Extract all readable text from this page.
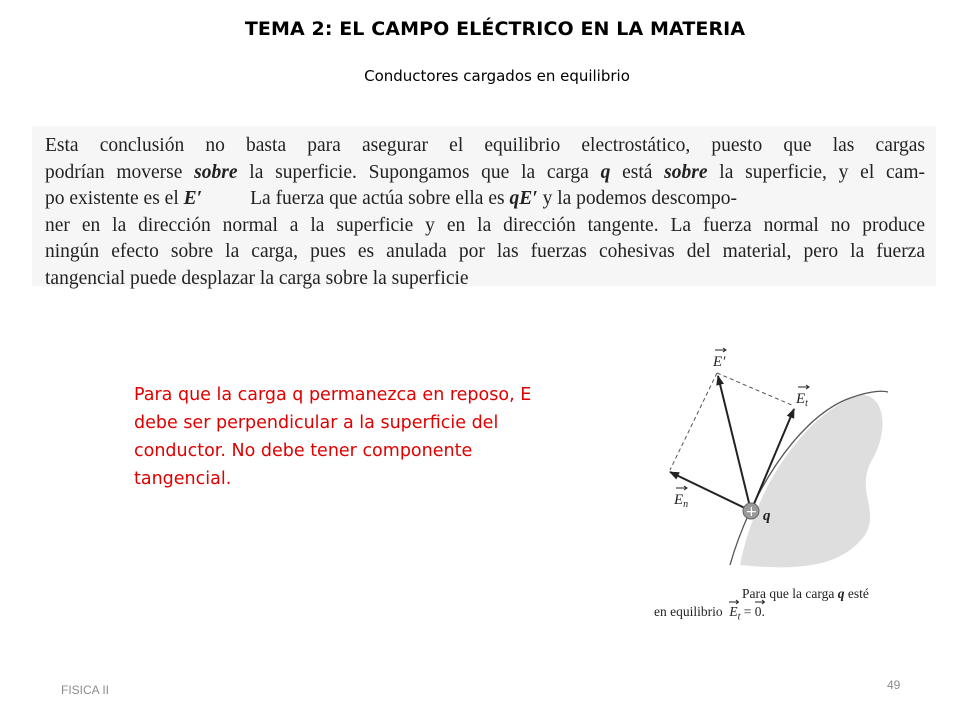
TEMA 2: EL CAMPO ELÉCTRICO EN LA MATERIA
Conductores cargados en equilibrio
Esta conclusión no basta para asegurar el equilibrio electrostático, puesto que las cargas
podrían moverse sobre la superficie. Supongamos que la carga q está sobre la superficie, y el cam-
po existente es el E′ La fuerza que actúa sobre ella es qE′ y la podemos descompo-
ner en la dirección normal a la superficie y en la dirección tangente. La fuerza normal no produce
ningún efecto sobre la carga, pues es anulada por las fuerzas cohesivas del material, pero la fuerza
tangencial puede desplazar la carga sobre la superficie
Para que la carga q permanezca en reposo, E debe ser perpendicular a la superficie del conductor. No debe tener componente tangencial.
+ q
E′
$E_t$
$E_n$
Para que la carga q esté
en equilibrio  E
$_t$ = 0
.
FISICA II	49
